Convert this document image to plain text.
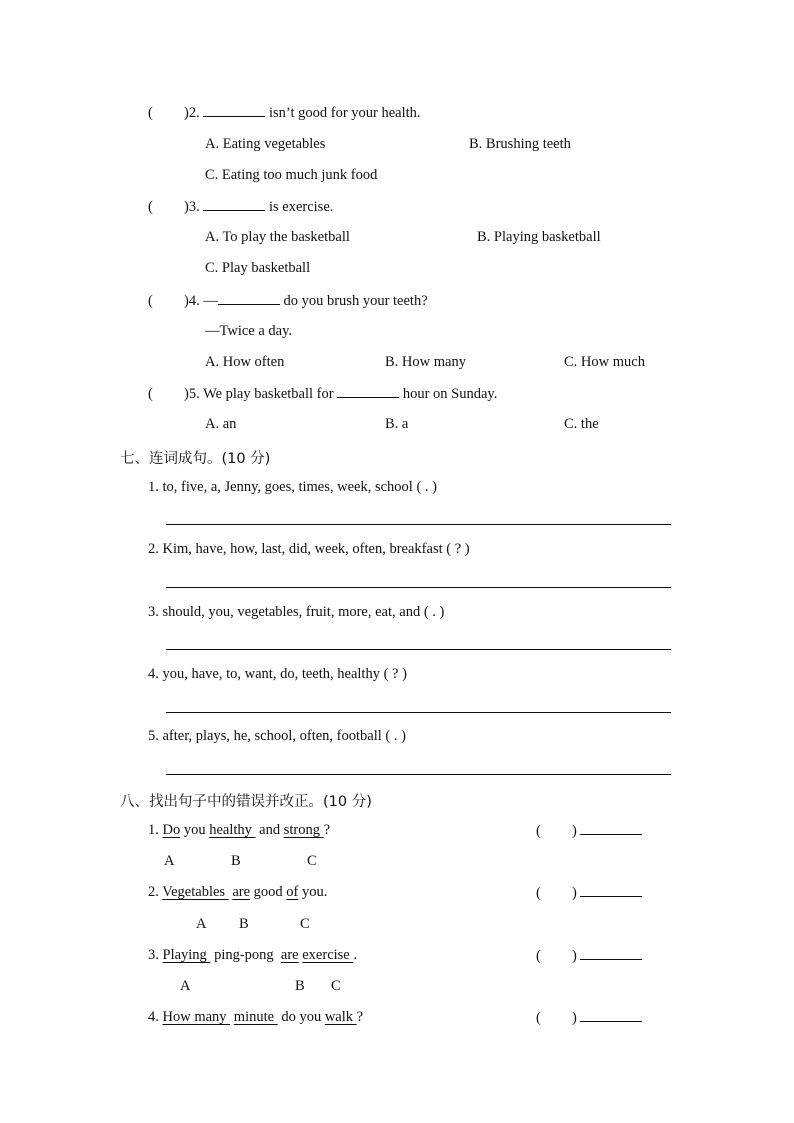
( )2.	isn’t good for your health.
A. Eating vegetables	B. Brushing teeth
C. Eating too much junk food
( )3.	is exercise.
A. To play the basketball	B. Playing basketball
C. Play basketball
( )4. —	do you brush your teeth?
—Twice a day.
A. How often	B. How many	C. How much
( )5. We play basketball for	hour on Sunday.
A. an	B. a	C. the
七、连词成句。(10 分)
1. to, five, a, Jenny, goes, times, week, school ( . )
2. Kim, have, how, last, did, week, often, breakfast ( ? )
3. should, you, vegetables, fruit, more, eat, and ( . )
4. you, have, to, want, do, teeth, healthy ( ? )
5. after, plays, he, school, often, football ( . )
八、找出句子中的错误并改正。(10 分)
1. Do you healthy  and strong ?	( )
A	B	C
2. Vegetables  are good of you.	( )
A B	C
3. Playing  ping-pong  are exercise .	( )
A	B C
4. How many  minute  do you walk ?	( )
